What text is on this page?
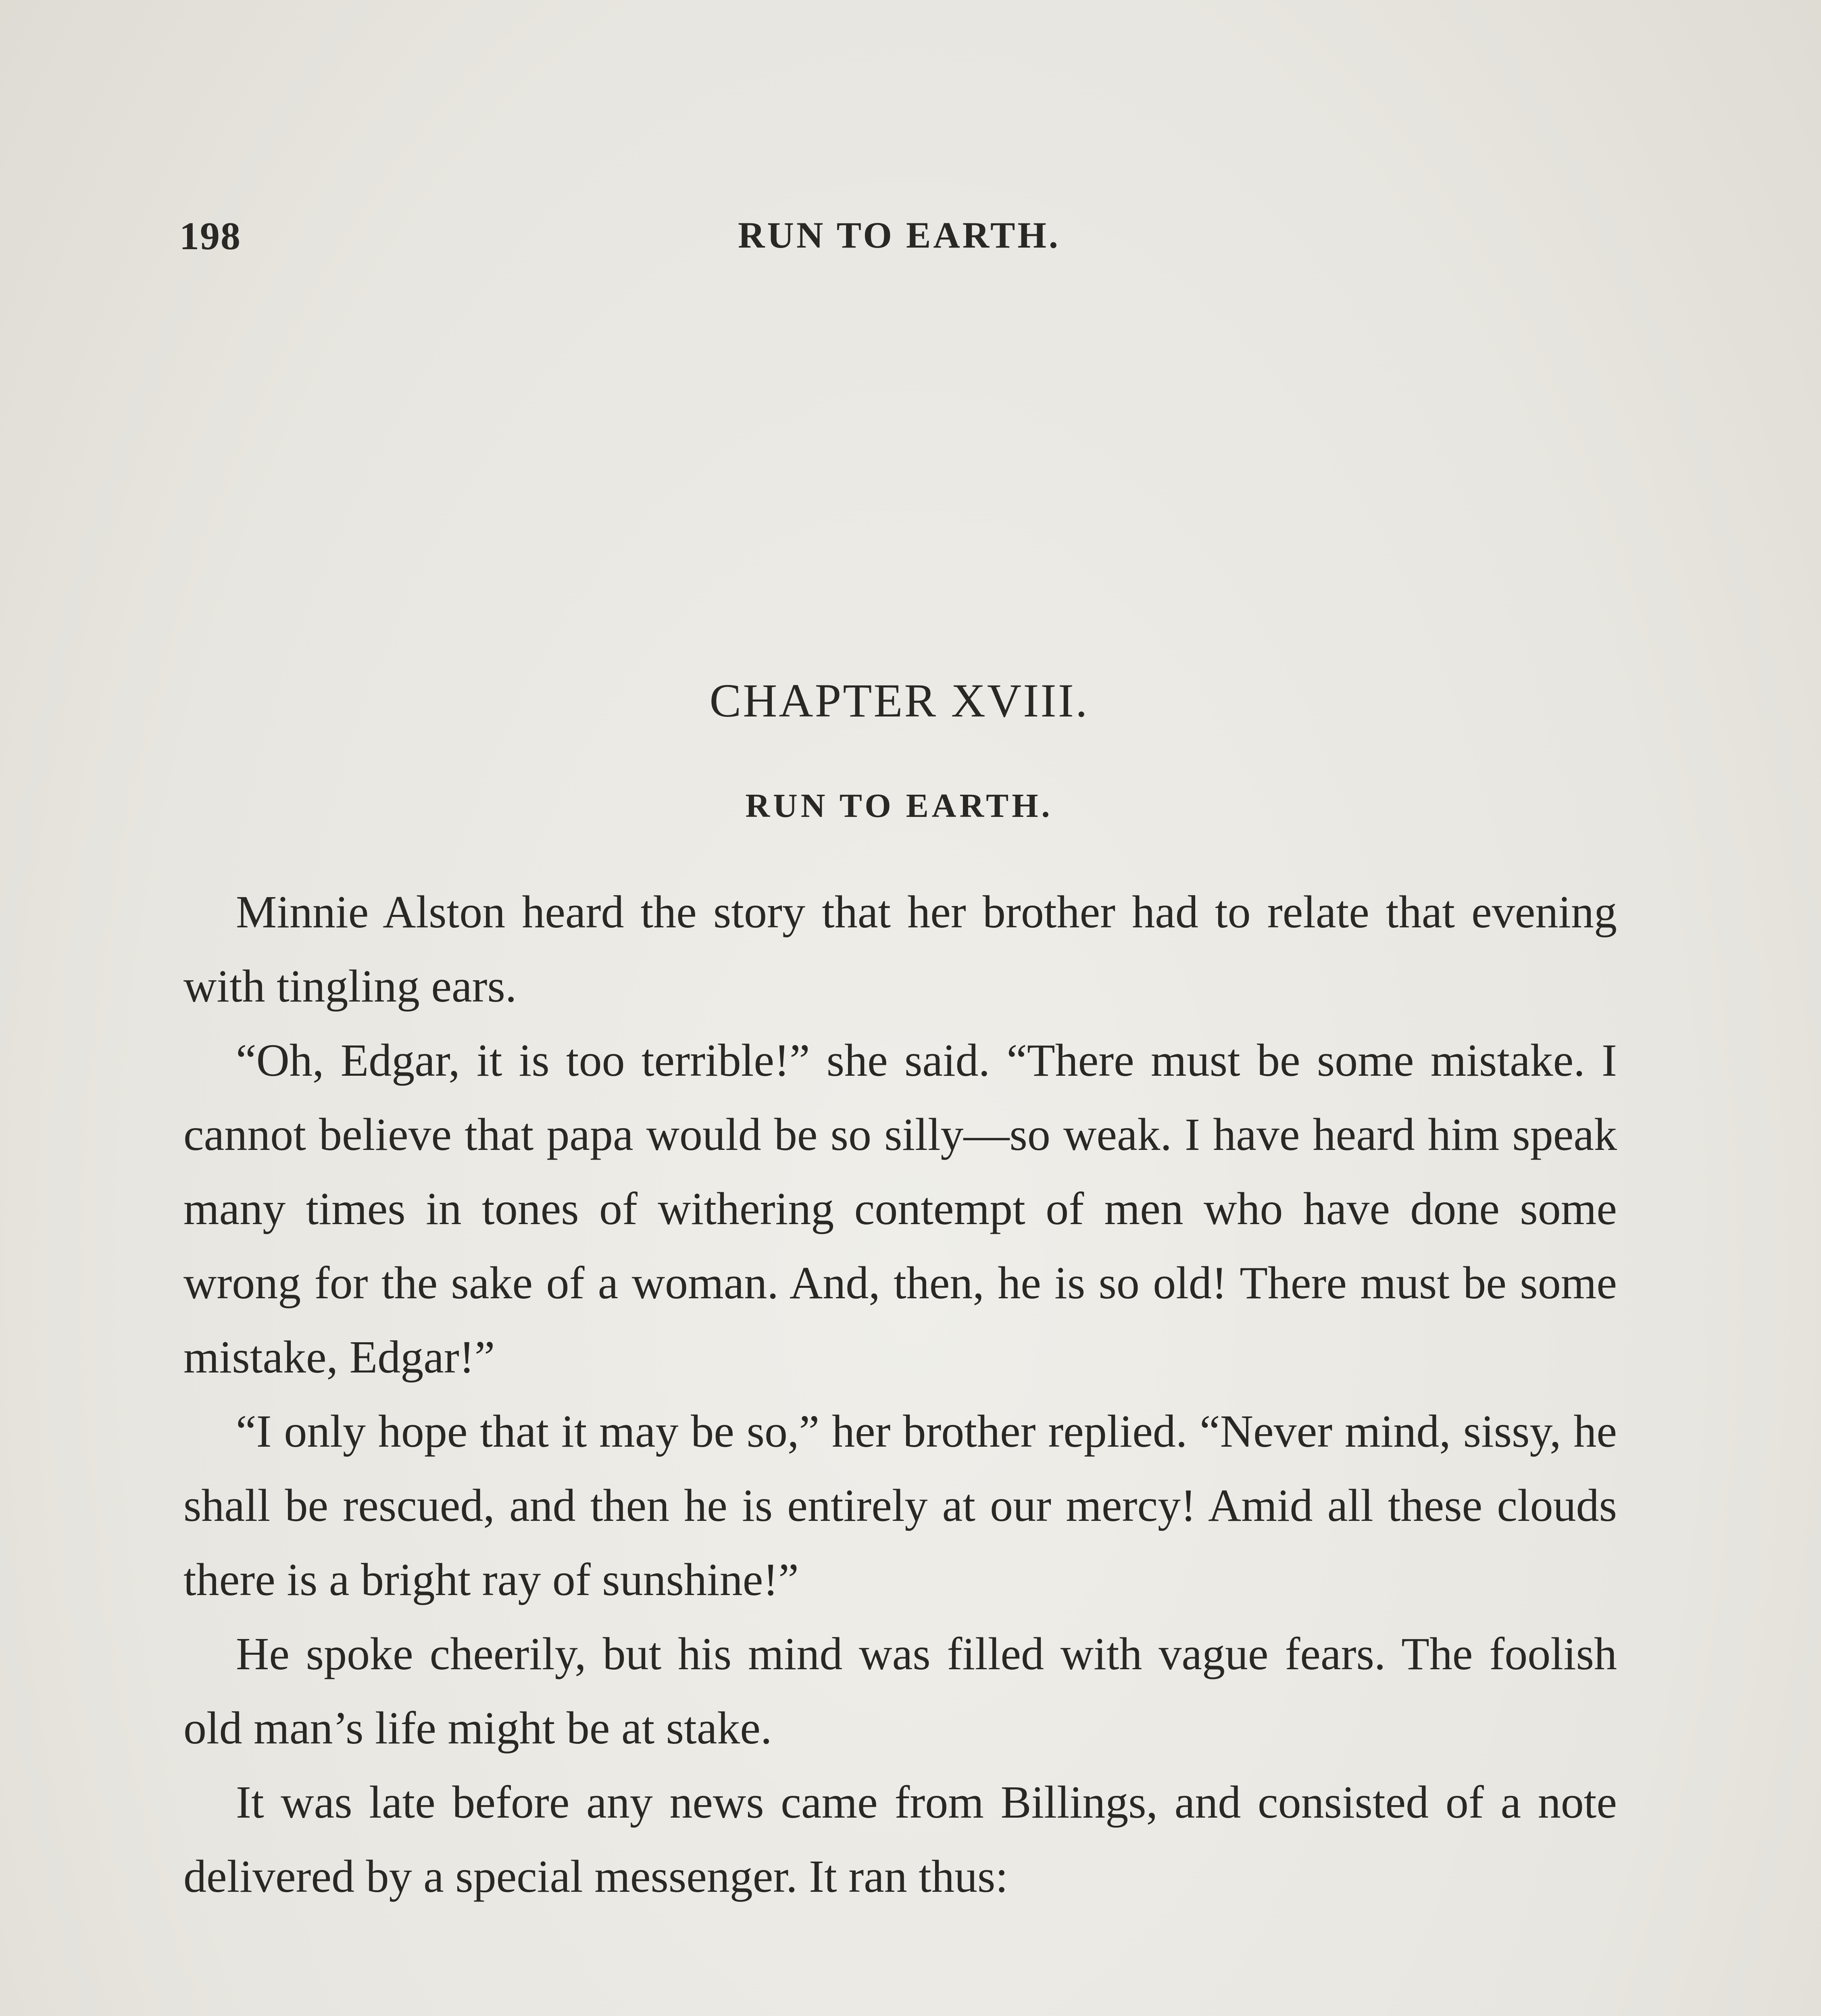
198	RUN TO EARTH.
CHAPTER XVIII.
RUN TO EARTH.

Minnie Alston heard the story that her brother had to relate that evening with tingling ears.

“Oh, Edgar, it is too terrible!” she said. “There must be some mistake. I cannot believe that papa would be so silly—so weak. I have heard him speak many times in tones of withering contempt of men who have done some wrong for the sake of a woman. And, then, he is so old! There must be some mistake, Edgar!”

“I only hope that it may be so,” her brother replied. “Never mind, sissy, he shall be rescued, and then he is entirely at our mercy! Amid all these clouds there is a bright ray of sunshine!”

He spoke cheerily, but his mind was filled with vague fears. The foolish old man’s life might be at stake.

It was late before any news came from Billings, and consisted of a note delivered by a special messenger. It ran thus:
